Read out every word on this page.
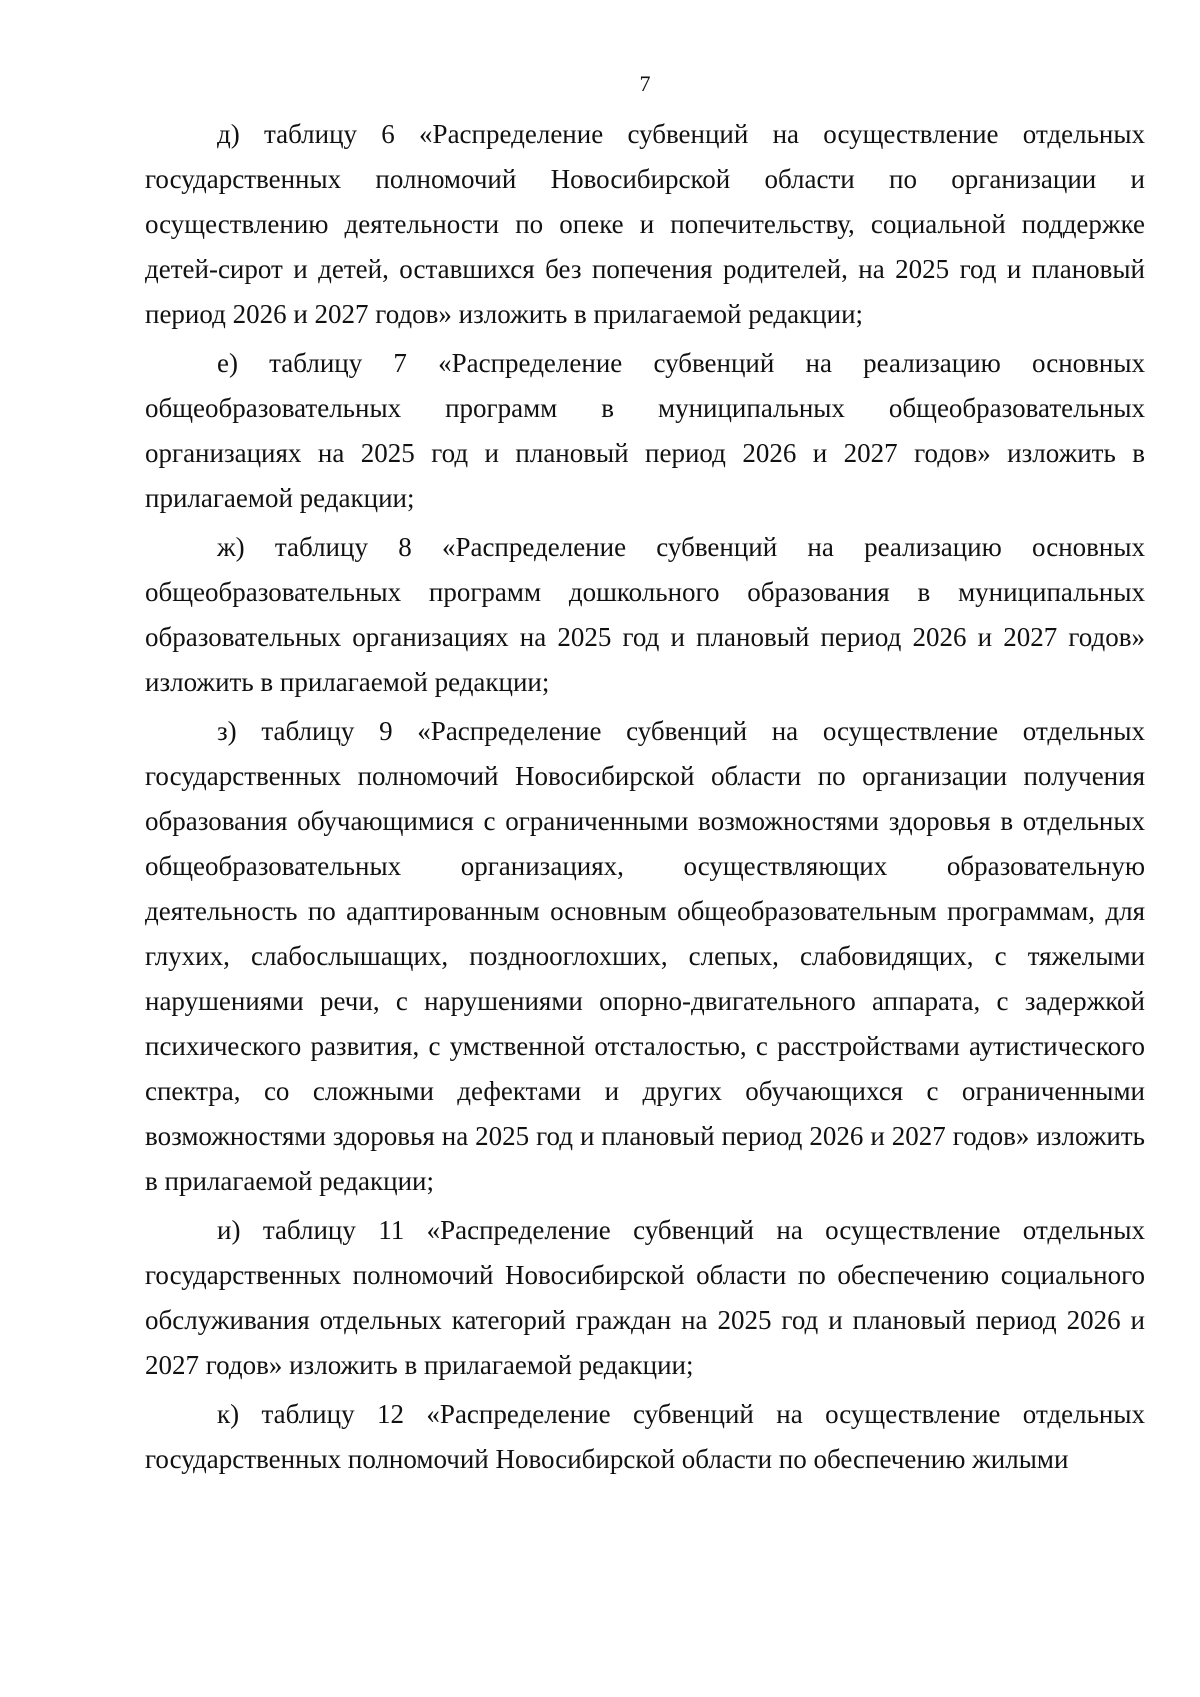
7

д) таблицу 6 «Распределение субвенций на осуществление отдельных государственных полномочий Новосибирской области по организации и осуществлению деятельности по опеке и попечительству, социальной поддержке детей-сирот и детей, оставшихся без попечения родителей, на 2025 год и плановый период 2026 и 2027 годов» изложить в прилагаемой редакции;

е) таблицу 7 «Распределение субвенций на реализацию основных общеобразовательных программ в муниципальных общеобразовательных организациях на 2025 год и плановый период 2026 и 2027 годов» изложить в прилагаемой редакции;

ж) таблицу 8 «Распределение субвенций на реализацию основных общеобразовательных программ дошкольного образования в муниципальных образовательных организациях на 2025 год и плановый период 2026 и 2027 годов» изложить в прилагаемой редакции;

з) таблицу 9 «Распределение субвенций на осуществление отдельных государственных полномочий Новосибирской области по организации получения образования обучающимися с ограниченными возможностями здоровья в отдельных общеобразовательных организациях, осуществляющих образовательную деятельность по адаптированным основным общеобразовательным программам, для глухих, слабослышащих, позднооглохших, слепых, слабовидящих, с тяжелыми нарушениями речи, с нарушениями опорно-двигательного аппарата, с задержкой психического развития, с умственной отсталостью, с расстройствами аутистического спектра, со сложными дефектами и других обучающихся с ограниченными возможностями здоровья на 2025 год и плановый период 2026 и 2027 годов» изложить в прилагаемой редакции;

и) таблицу 11 «Распределение субвенций на осуществление отдельных государственных полномочий Новосибирской области по обеспечению социального обслуживания отдельных категорий граждан на 2025 год и плановый период 2026 и 2027 годов» изложить в прилагаемой редакции;

к) таблицу 12 «Распределение субвенций на осуществление отдельных государственных полномочий Новосибирской области по обеспечению жилыми
